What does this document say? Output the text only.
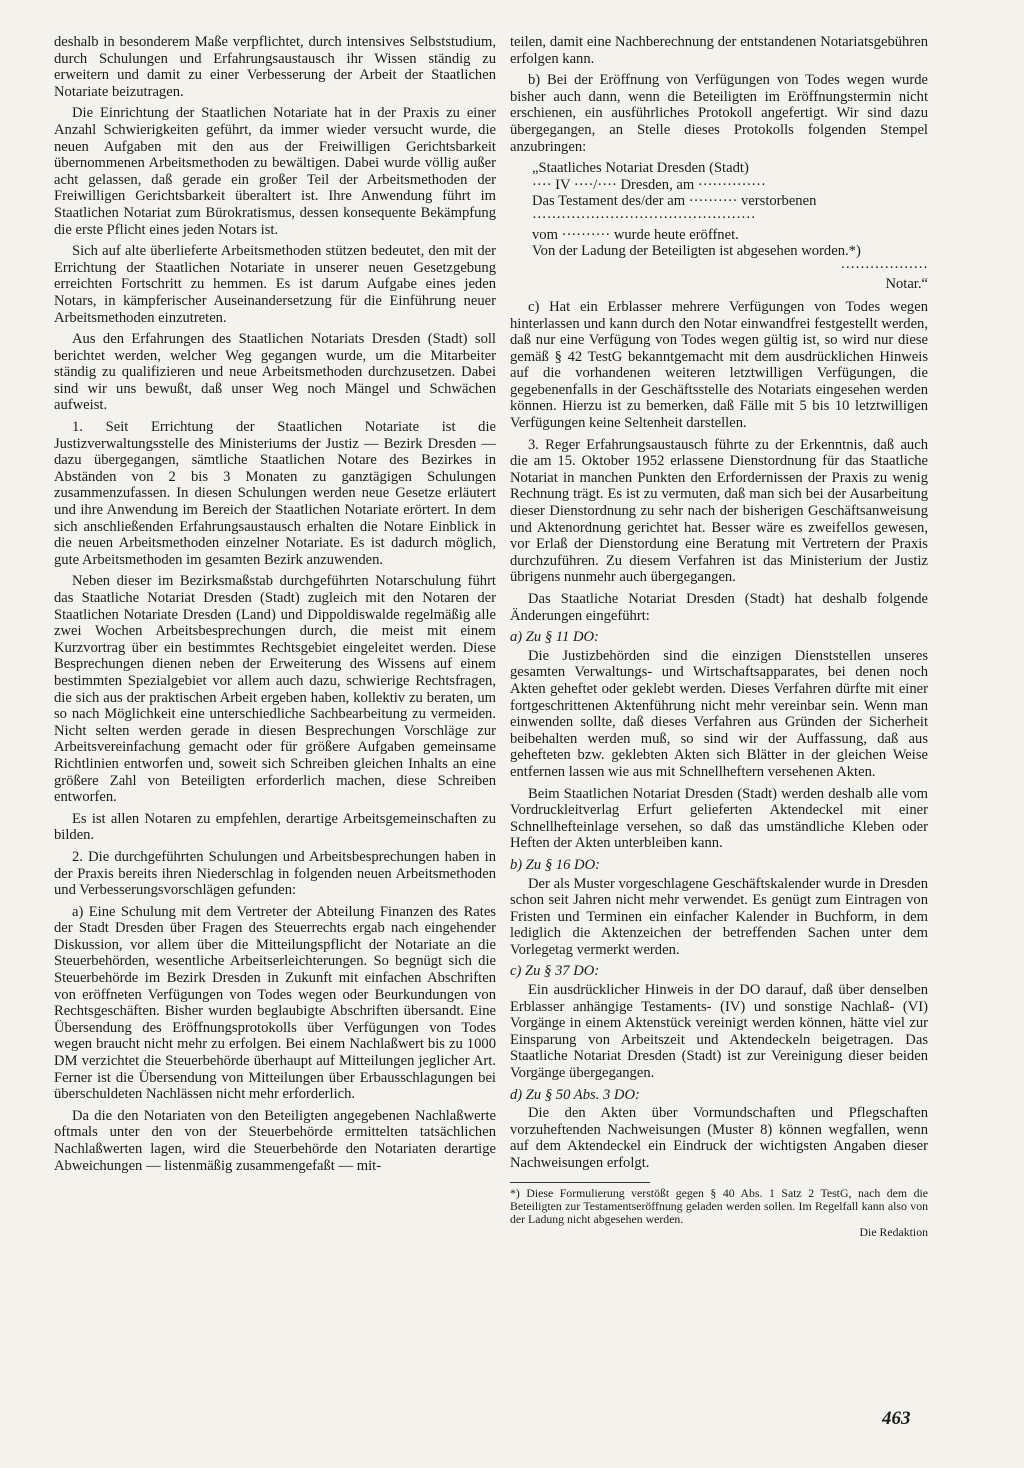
deshalb in besonderem Maße verpflichtet, durch intensives Selbststudium, durch Schulungen und Erfahrungsaustausch ihr Wissen ständig zu erweitern und damit zu einer Verbesserung der Arbeit der Staatlichen Notariate beizutragen.

Die Einrichtung der Staatlichen Notariate hat in der Praxis zu einer Anzahl Schwierigkeiten geführt, da immer wieder versucht wurde, die neuen Aufgaben mit den aus der Freiwilligen Gerichtsbarkeit übernommenen Arbeitsmethoden zu bewältigen. Dabei wurde völlig außer acht gelassen, daß gerade ein großer Teil der Arbeitsmethoden der Freiwilligen Gerichtsbarkeit überaltert ist. Ihre Anwendung führt im Staatlichen Notariat zum Bürokratismus, dessen konsequente Bekämpfung die erste Pflicht eines jeden Notars ist.

Sich auf alte überlieferte Arbeitsmethoden stützen bedeutet, den mit der Errichtung der Staatlichen Notariate in unserer neuen Gesetzgebung erreichten Fortschritt zu hemmen. Es ist darum Aufgabe eines jeden Notars, in kämpferischer Auseinandersetzung für die Einführung neuer Arbeitsmethoden einzutreten.

Aus den Erfahrungen des Staatlichen Notariats Dresden (Stadt) soll berichtet werden, welcher Weg gegangen wurde, um die Mitarbeiter ständig zu qualifizieren und neue Arbeitsmethoden durchzusetzen. Dabei sind wir uns bewußt, daß unser Weg noch Mängel und Schwächen aufweist.

1. Seit Errichtung der Staatlichen Notariate ist die Justizverwaltungsstelle des Ministeriums der Justiz — Bezirk Dresden — dazu übergegangen, sämtliche Staatlichen Notare des Bezirkes in Abständen von 2 bis 3 Monaten zu ganztägigen Schulungen zusammenzufassen. In diesen Schulungen werden neue Gesetze erläutert und ihre Anwendung im Bereich der Staatlichen Notariate erörtert. In dem sich anschließenden Erfahrungsaustausch erhalten die Notare Einblick in die neuen Arbeitsmethoden einzelner Notariate. Es ist dadurch möglich, gute Arbeitsmethoden im gesamten Bezirk anzuwenden.

Neben dieser im Bezirksmaßstab durchgeführten Notarschulung führt das Staatliche Notariat Dresden (Stadt) zugleich mit den Notaren der Staatlichen Notariate Dresden (Land) und Dippoldiswalde regelmäßig alle zwei Wochen Arbeitsbesprechungen durch, die meist mit einem Kurzvortrag über ein bestimmtes Rechtsgebiet eingeleitet werden. Diese Besprechungen dienen neben der Erweiterung des Wissens auf einem bestimmten Spezialgebiet vor allem auch dazu, schwierige Rechtsfragen, die sich aus der praktischen Arbeit ergeben haben, kollektiv zu beraten, um so nach Möglichkeit eine unterschiedliche Sachbearbeitung zu vermeiden. Nicht selten werden gerade in diesen Besprechungen Vorschläge zur Arbeitsvereinfachung gemacht oder für größere Aufgaben gemeinsame Richtlinien entworfen und, soweit sich Schreiben gleichen Inhalts an eine größere Zahl von Beteiligten erforderlich machen, diese Schreiben entworfen.

Es ist allen Notaren zu empfehlen, derartige Arbeitsgemeinschaften zu bilden.

2. Die durchgeführten Schulungen und Arbeitsbesprechungen haben in der Praxis bereits ihren Niederschlag in folgenden neuen Arbeitsmethoden und Verbesserungsvorschlägen gefunden:

a) Eine Schulung mit dem Vertreter der Abteilung Finanzen des Rates der Stadt Dresden über Fragen des Steuerrechts ergab nach eingehender Diskussion, vor allem über die Mitteilungspflicht der Notariate an die Steuerbehörden, wesentliche Arbeitserleichterungen. So begnügt sich die Steuerbehörde im Bezirk Dresden in Zukunft mit einfachen Abschriften von eröffneten Verfügungen von Todes wegen oder Beurkundungen von Rechtsgeschäften. Bisher wurden beglaubigte Abschriften übersandt. Eine Übersendung des Eröffnungsprotokolls über Verfügungen von Todes wegen braucht nicht mehr zu erfolgen. Bei einem Nachlaßwert bis zu 1000 DM verzichtet die Steuerbehörde überhaupt auf Mitteilungen jeglicher Art. Ferner ist die Übersendung von Mitteilungen über Erbausschlagungen bei überschuldeten Nachlässen nicht mehr erforderlich.

Da die den Notariaten von den Beteiligten angegebenen Nachlaßwerte oftmals unter den von der Steuerbehörde ermittelten tatsächlichen Nachlaßwerten lagen, wird die Steuerbehörde den Notariaten derartige Abweichungen — listenmäßig zusammengefaßt — mit-

teilen, damit eine Nachberechnung der entstandenen Notariatsgebühren erfolgen kann.

b) Bei der Eröffnung von Verfügungen von Todes wegen wurde bisher auch dann, wenn die Beteiligten im Eröffnungstermin nicht erschienen, ein ausführliches Protokoll angefertigt. Wir sind dazu übergegangen, an Stelle dieses Protokolls folgenden Stempel anzubringen:

„Staatliches Notariat Dresden (Stadt)
···· IV ····/···· Dresden, am ··············
Das Testament des/der am ·········· verstorbenen
··············································
vom ·········· wurde heute eröffnet.
Von der Ladung der Beteiligten ist abgesehen worden.*)
··················
Notar.“

c) Hat ein Erblasser mehrere Verfügungen von Todes wegen hinterlassen und kann durch den Notar einwandfrei festgestellt werden, daß nur eine Verfügung von Todes wegen gültig ist, so wird nur diese gemäß § 42 TestG bekanntgemacht mit dem ausdrücklichen Hinweis auf die vorhandenen weiteren letztwilligen Verfügungen, die gegebenenfalls in der Geschäftsstelle des Notariats eingesehen werden können. Hierzu ist zu bemerken, daß Fälle mit 5 bis 10 letztwilligen Verfügungen keine Seltenheit darstellen.

3. Reger Erfahrungsaustausch führte zu der Erkenntnis, daß auch die am 15. Oktober 1952 erlassene Dienstordnung für das Staatliche Notariat in manchen Punkten den Erfordernissen der Praxis zu wenig Rechnung trägt. Es ist zu vermuten, daß man sich bei der Ausarbeitung dieser Dienstordnung zu sehr nach der bisherigen Geschäftsanweisung und Aktenordnung gerichtet hat. Besser wäre es zweifellos gewesen, vor Erlaß der Dienstordung eine Beratung mit Vertretern der Praxis durchzuführen. Zu diesem Verfahren ist das Ministerium der Justiz übrigens nunmehr auch übergegangen.

Das Staatliche Notariat Dresden (Stadt) hat deshalb folgende Änderungen eingeführt:

a) Zu § 11 DO:

Die Justizbehörden sind die einzigen Dienststellen unseres gesamten Verwaltungs- und Wirtschaftsapparates, bei denen noch Akten geheftet oder geklebt werden. Dieses Verfahren dürfte mit einer fortgeschrittenen Aktenführung nicht mehr vereinbar sein. Wenn man einwenden sollte, daß dieses Verfahren aus Gründen der Sicherheit beibehalten werden muß, so sind wir der Auffassung, daß aus gehefteten bzw. geklebten Akten sich Blätter in der gleichen Weise entfernen lassen wie aus mit Schnellheftern versehenen Akten.

Beim Staatlichen Notariat Dresden (Stadt) werden deshalb alle vom Vordruckleitverlag Erfurt gelieferten Aktendeckel mit einer Schnellhefteinlage versehen, so daß das umständliche Kleben oder Heften der Akten unterbleiben kann.

b) Zu § 16 DO:

Der als Muster vorgeschlagene Geschäftskalender wurde in Dresden schon seit Jahren nicht mehr verwendet. Es genügt zum Eintragen von Fristen und Terminen ein einfacher Kalender in Buchform, in dem lediglich die Aktenzeichen der betreffenden Sachen unter dem Vorlegetag vermerkt werden.

c) Zu § 37 DO:

Ein ausdrücklicher Hinweis in der DO darauf, daß über denselben Erblasser anhängige Testaments- (IV) und sonstige Nachlaß- (VI) Vorgänge in einem Aktenstück vereinigt werden können, hätte viel zur Einsparung von Arbeitszeit und Aktendeckeln beigetragen. Das Staatliche Notariat Dresden (Stadt) ist zur Vereinigung dieser beiden Vorgänge übergegangen.

d) Zu § 50 Abs. 3 DO:

Die den Akten über Vormundschaften und Pflegschaften vorzuheftenden Nachweisungen (Muster 8) können wegfallen, wenn auf dem Aktendeckel ein Eindruck der wichtigsten Angaben dieser Nachweisungen erfolgt.

*) Diese Formulierung verstößt gegen § 40 Abs. 1 Satz 2 TestG, nach dem die Beteiligten zur Testamentseröffnung geladen werden sollen. Im Regelfall kann also von der Ladung nicht abgesehen werden.
Die Redaktion
463
